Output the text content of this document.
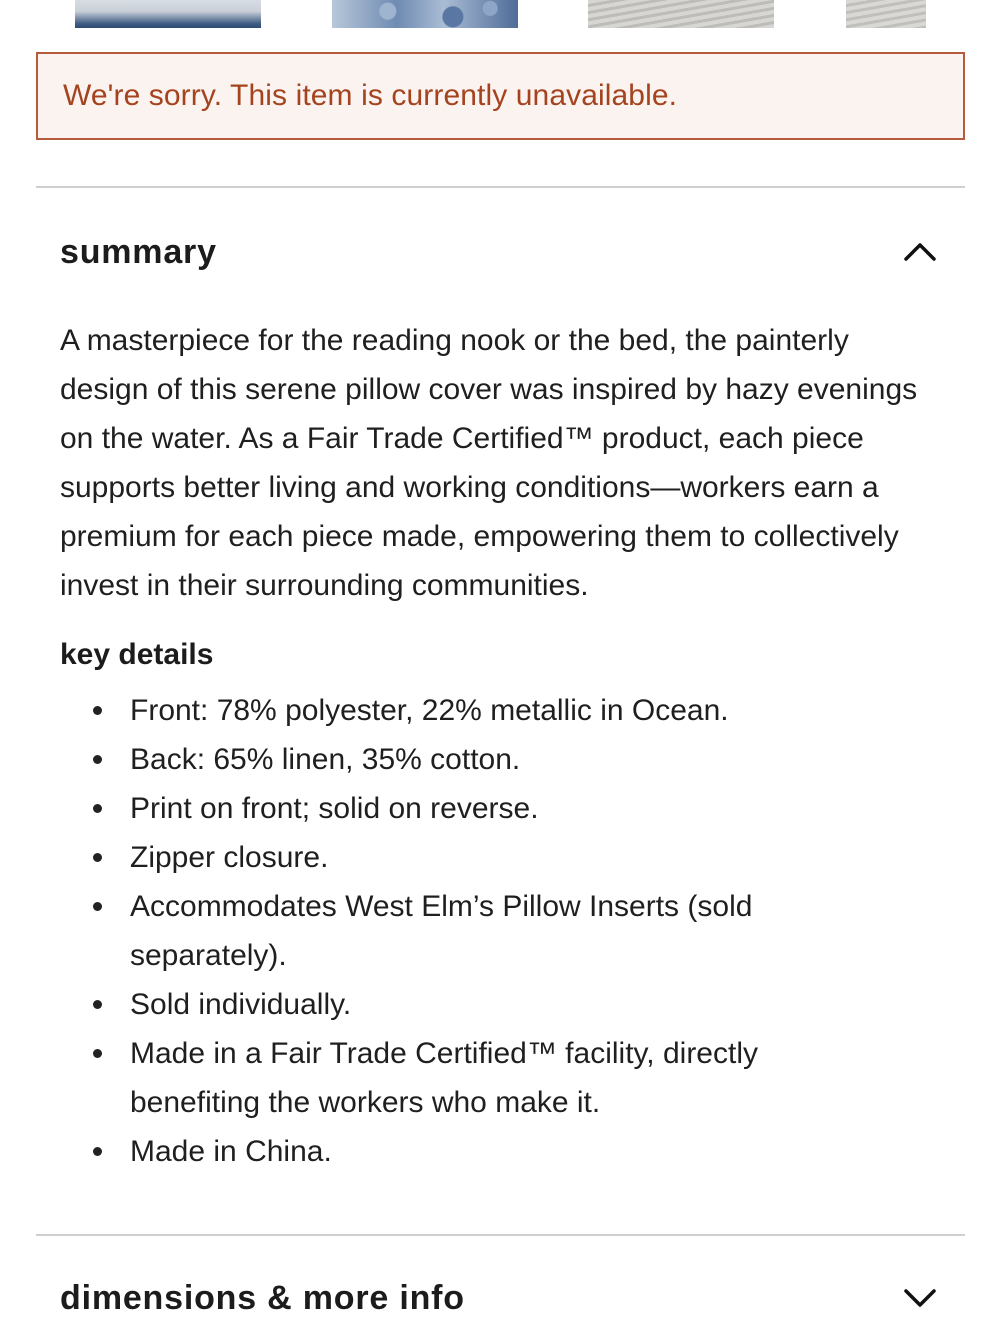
We're sorry. This item is currently unavailable.
summary

A masterpiece for the reading nook or the bed, the painterly design of this serene pillow cover was inspired by hazy evenings on the water. As a Fair Trade Certified™ product, each piece supports better living and working conditions—workers earn a premium for each piece made, empowering them to collectively invest in their surrounding communities.

key details
Front: 78% polyester, 22% metallic in Ocean.
Back: 65% linen, 35% cotton.
Print on front; solid on reverse.
Zipper closure.
Accommodates West Elm’s Pillow Inserts (sold separately).
Sold individually.
Made in a Fair Trade Certified™ facility, directly benefiting the workers who make it.
Made in China.
dimensions & more info
